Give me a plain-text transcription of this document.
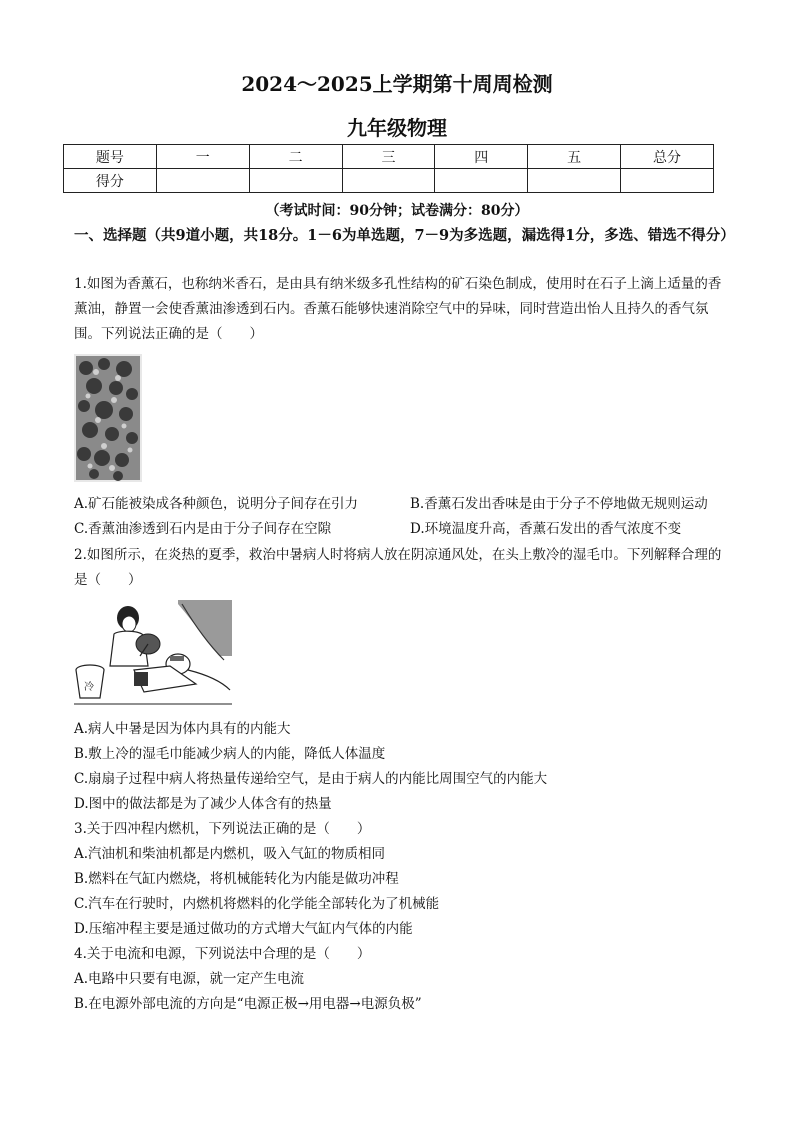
2024～2025上学期第十周周检测
九年级物理
题号	一	二	三	四	五	总分
得分						
（考试时间：90分钟；试卷满分：80分）
一、选择题（共9道小题，共18分。1－6为单选题，7－9为多选题，漏选得1分，多选、错选不得分）
1.如图为香薰石，也称纳米香石，是由具有纳米级多孔性结构的矿石染色制成，使用时在石子上滴上适量的香薰油，静置一会使香薰油渗透到石内。香薰石能够快速消除空气中的异味，同时营造出怡人且持久的香气氛围。下列说法正确的是（　　）
A.矿石能被染成各种颜色，说明分子间存在引力	B.香薰石发出香味是由于分子不停地做无规则运动
C.香薰油渗透到石内是由于分子间存在空隙	D.环境温度升高，香薰石发出的香气浓度不变
2.如图所示，在炎热的夏季，救治中暑病人时将病人放在阴凉通风处，在头上敷冷的湿毛巾。下列解释合理的是（　　）
冷
A.病人中暑是因为体内具有的内能大
B.敷上冷的湿毛巾能减少病人的内能，降低人体温度
C.扇扇子过程中病人将热量传递给空气，是由于病人的内能比周围空气的内能大
D.图中的做法都是为了减少人体含有的热量
3.关于四冲程内燃机，下列说法正确的是（　　）
A.汽油机和柴油机都是内燃机，吸入气缸的物质相同
B.燃料在气缸内燃烧，将机械能转化为内能是做功冲程
C.汽车在行驶时，内燃机将燃料的化学能全部转化为了机械能
D.压缩冲程主要是通过做功的方式增大气缸内气体的内能
4.关于电流和电源，下列说法中合理的是（　　）
A.电路中只要有电源，就一定产生电流
B.在电源外部电流的方向是“电源正极→用电器→电源负极”
